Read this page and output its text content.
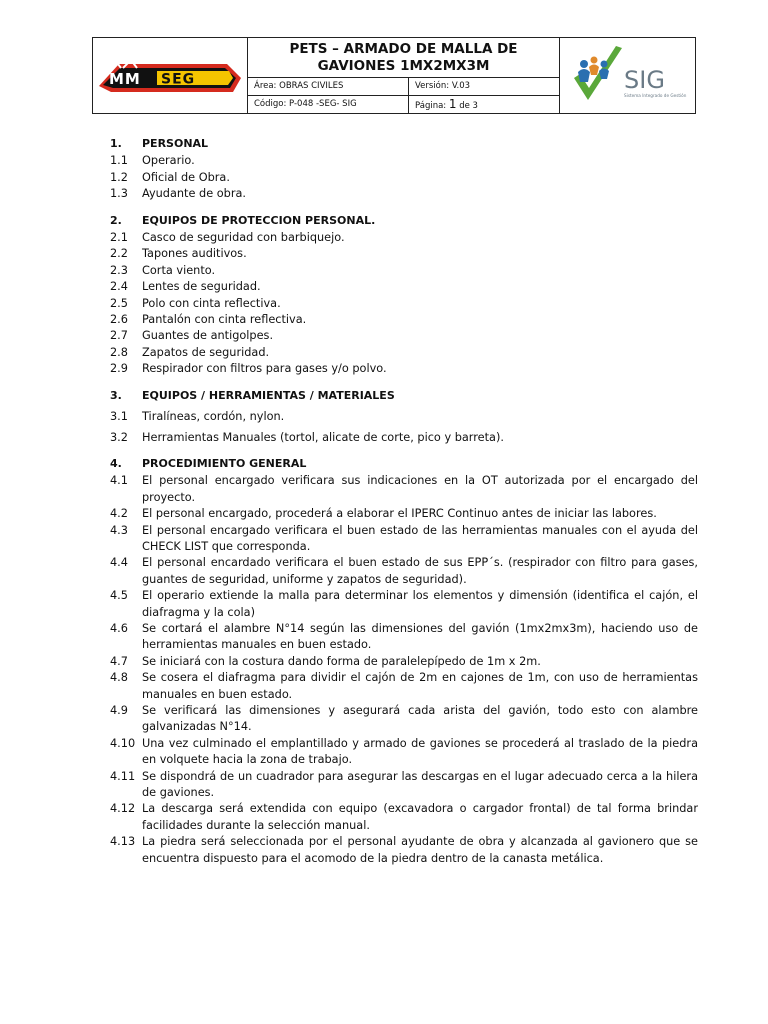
MM SEG
PETS – ARMADO DE MALLA DE
GAVIONES 1MX2MX3M
Área: OBRAS CIVILES	Versión: V.03
Código: P-048 -SEG- SIG	Página: 1 de 3
SIG
Sistema Integrado de Gestión
1.	PERSONAL
1.1	Operario.
1.2	Oficial de Obra.
1.3	Ayudante de obra.
2.	EQUIPOS DE PROTECCION PERSONAL.
2.1	Casco de seguridad con barbiquejo.
2.2	Tapones auditivos.
2.3	Corta viento.
2.4	Lentes de seguridad.
2.5	Polo con cinta reflectiva.
2.6	Pantalón con cinta reflectiva.
2.7	Guantes de antigolpes.
2.8	Zapatos de seguridad.
2.9	Respirador con filtros para gases y/o polvo.
3.	EQUIPOS / HERRAMIENTAS / MATERIALES
3.1	Tiralíneas, cordón, nylon.
3.2	Herramientas Manuales (tortol, alicate de corte, pico y barreta).
4.	PROCEDIMIENTO GENERAL
4.1	El personal encargado verificara sus indicaciones en la OT autorizada por el encargado del proyecto.
4.2	El personal encargado, procederá a elaborar el IPERC Continuo antes de iniciar las labores.
4.3	El personal encargado verificara el buen estado de las herramientas manuales con el ayuda del CHECK LIST que corresponda.
4.4	El personal encardado verificara el buen estado de sus EPP´s. (respirador con filtro para gases, guantes de seguridad, uniforme y zapatos de seguridad).
4.5	El operario extiende la malla para determinar los elementos y dimensión (identifica el cajón, el diafragma y la cola)
4.6	Se cortará el alambre N°14 según las dimensiones del gavión (1mx2mx3m), haciendo uso de herramientas manuales en buen estado.
4.7	Se iniciará con la costura dando forma de paralelepípedo de 1m x 2m.
4.8	Se cosera el diafragma para dividir el cajón de 2m en cajones de 1m, con uso de herramientas manuales en buen estado.
4.9	Se verificará las dimensiones y asegurará cada arista del gavión, todo esto con alambre galvanizadas N°14.
4.10 Una vez culminado el emplantillado y armado de gaviones se procederá al traslado de la piedra en volquete hacia la zona de trabajo.
4.11 Se dispondrá de un cuadrador para asegurar las descargas en el lugar adecuado cerca a la hilera de gaviones.
4.12 La descarga será extendida con equipo (excavadora o cargador frontal) de tal forma brindar facilidades durante la selección manual.
4.13 La piedra será seleccionada por el personal ayudante de obra y alcanzada al gavionero que se encuentra dispuesto para el acomodo de la piedra dentro de la canasta metálica.
